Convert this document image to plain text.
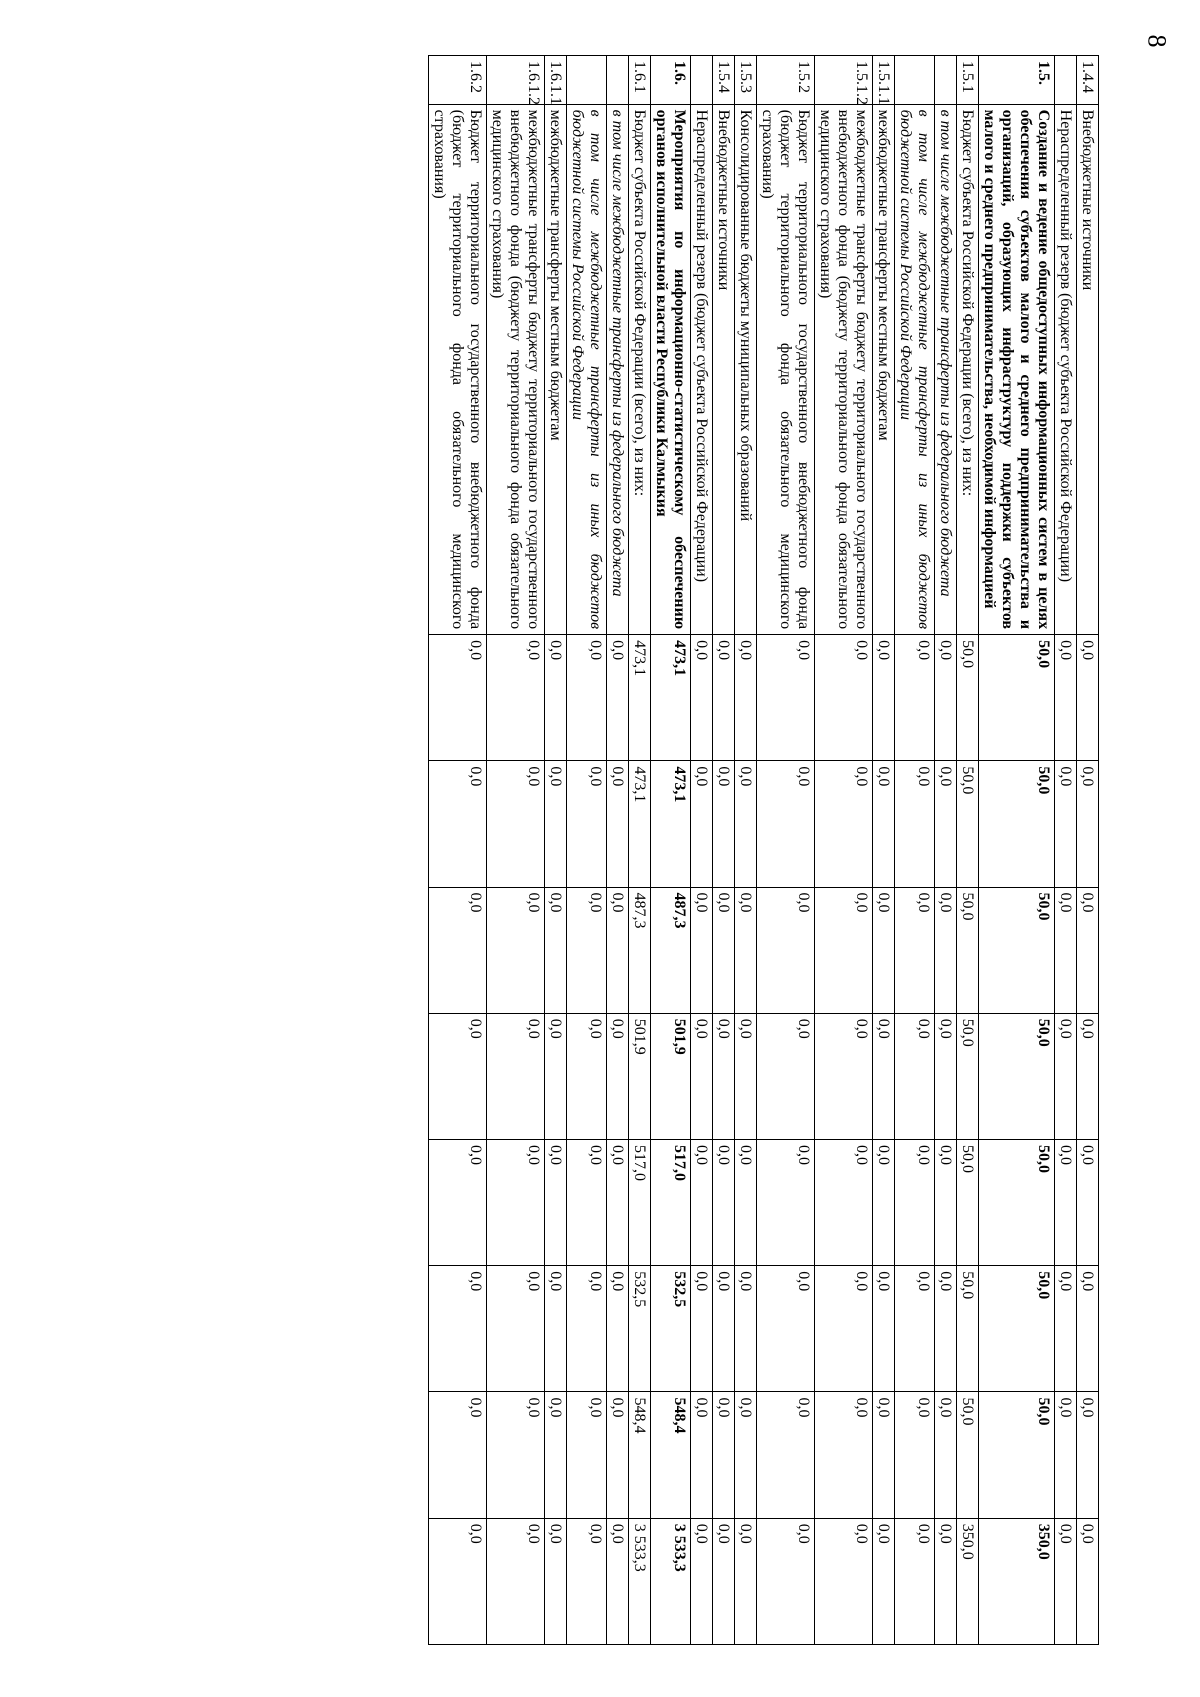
8
1.4.4	Внебюджетные источники	0,0	0,0	0,0	0,0	0,0	0,0	0,0	0,0
	Нераспределенный резерв (бюджет субъекта Российской Федерации)	0,0	0,0	0,0	0,0	0,0	0,0	0,0	0,0
1.5.	Создание и ведение общедоступных информационных систем в целях обеспечения субъектов малого и среднего предпринимательства и организаций, образующих инфраструктуру поддержки субъектов малого и среднего предпринимательства, необходимой информацией	50,0	50,0	50,0	50,0	50,0	50,0	50,0	350,0
1.5.1	Бюджет субъекта Российской Федерации (всего), из них:	50,0	50,0	50,0	50,0	50,0	50,0	50,0	350,0
	в том числе межбюджетные трансферты из федерального бюджета	0,0	0,0	0,0	0,0	0,0	0,0	0,0	0,0
	в том числе межбюджетные трансферты из иных бюджетов бюджетной системы Российской Федерации	0,0	0,0	0,0	0,0	0,0	0,0	0,0	0,0
1.5.1.1	межбюджетные трансферты местным бюджетам	0,0	0,0	0,0	0,0	0,0	0,0	0,0	0,0
1.5.1.2	межбюджетные трансферты бюджету территориального государственного внебюджетного фонда (бюджету территориального фонда обязательного медицинского страхования)	0,0	0,0	0,0	0,0	0,0	0,0	0,0	0,0
1.5.2	Бюджет территориального государственного внебюджетного фонда (бюджет территориального фонда обязательного медицинского страхования)	0,0	0,0	0,0	0,0	0,0	0,0	0,0	0,0
1.5.3	Консолидированные бюджеты муниципальных образований	0,0	0,0	0,0	0,0	0,0	0,0	0,0	0,0
1.5.4	Внебюджетные источники	0,0	0,0	0,0	0,0	0,0	0,0	0,0	0,0
	Нераспределенный резерв (бюджет субъекта Российской Федерации)	0,0	0,0	0,0	0,0	0,0	0,0	0,0	0,0
1.6.	Мероприятия по информационно-статистическому обеспечению органов исполнительной власти Республики Калмыкия	473,1	473,1	487,3	501,9	517,0	532,5	548,4	3 533,3
1.6.1	Бюджет субъекта Российской Федерации (всего), из них:	473,1	473,1	487,3	501,9	517,0	532,5	548,4	3 533,3
	в том числе межбюджетные трансферты из федерального бюджета	0,0	0,0	0,0	0,0	0,0	0,0	0,0	0,0
	в том числе межбюджетные трансферты из иных бюджетов бюджетной системы Российской Федерации	0,0	0,0	0,0	0,0	0,0	0,0	0,0	0,0
1.6.1.1	межбюджетные трансферты местным бюджетам	0,0	0,0	0,0	0,0	0,0	0,0	0,0	0,0
1.6.1.2	межбюджетные трансферты бюджету территориального государственного внебюджетного фонда (бюджету территориального фонда обязательного медицинского страхования)	0,0	0,0	0,0	0,0	0,0	0,0	0,0	0,0
1.6.2	Бюджет территориального государственного внебюджетного фонда (бюджет территориального фонда обязательного медицинского страхования)	0,0	0,0	0,0	0,0	0,0	0,0	0,0	0,0
